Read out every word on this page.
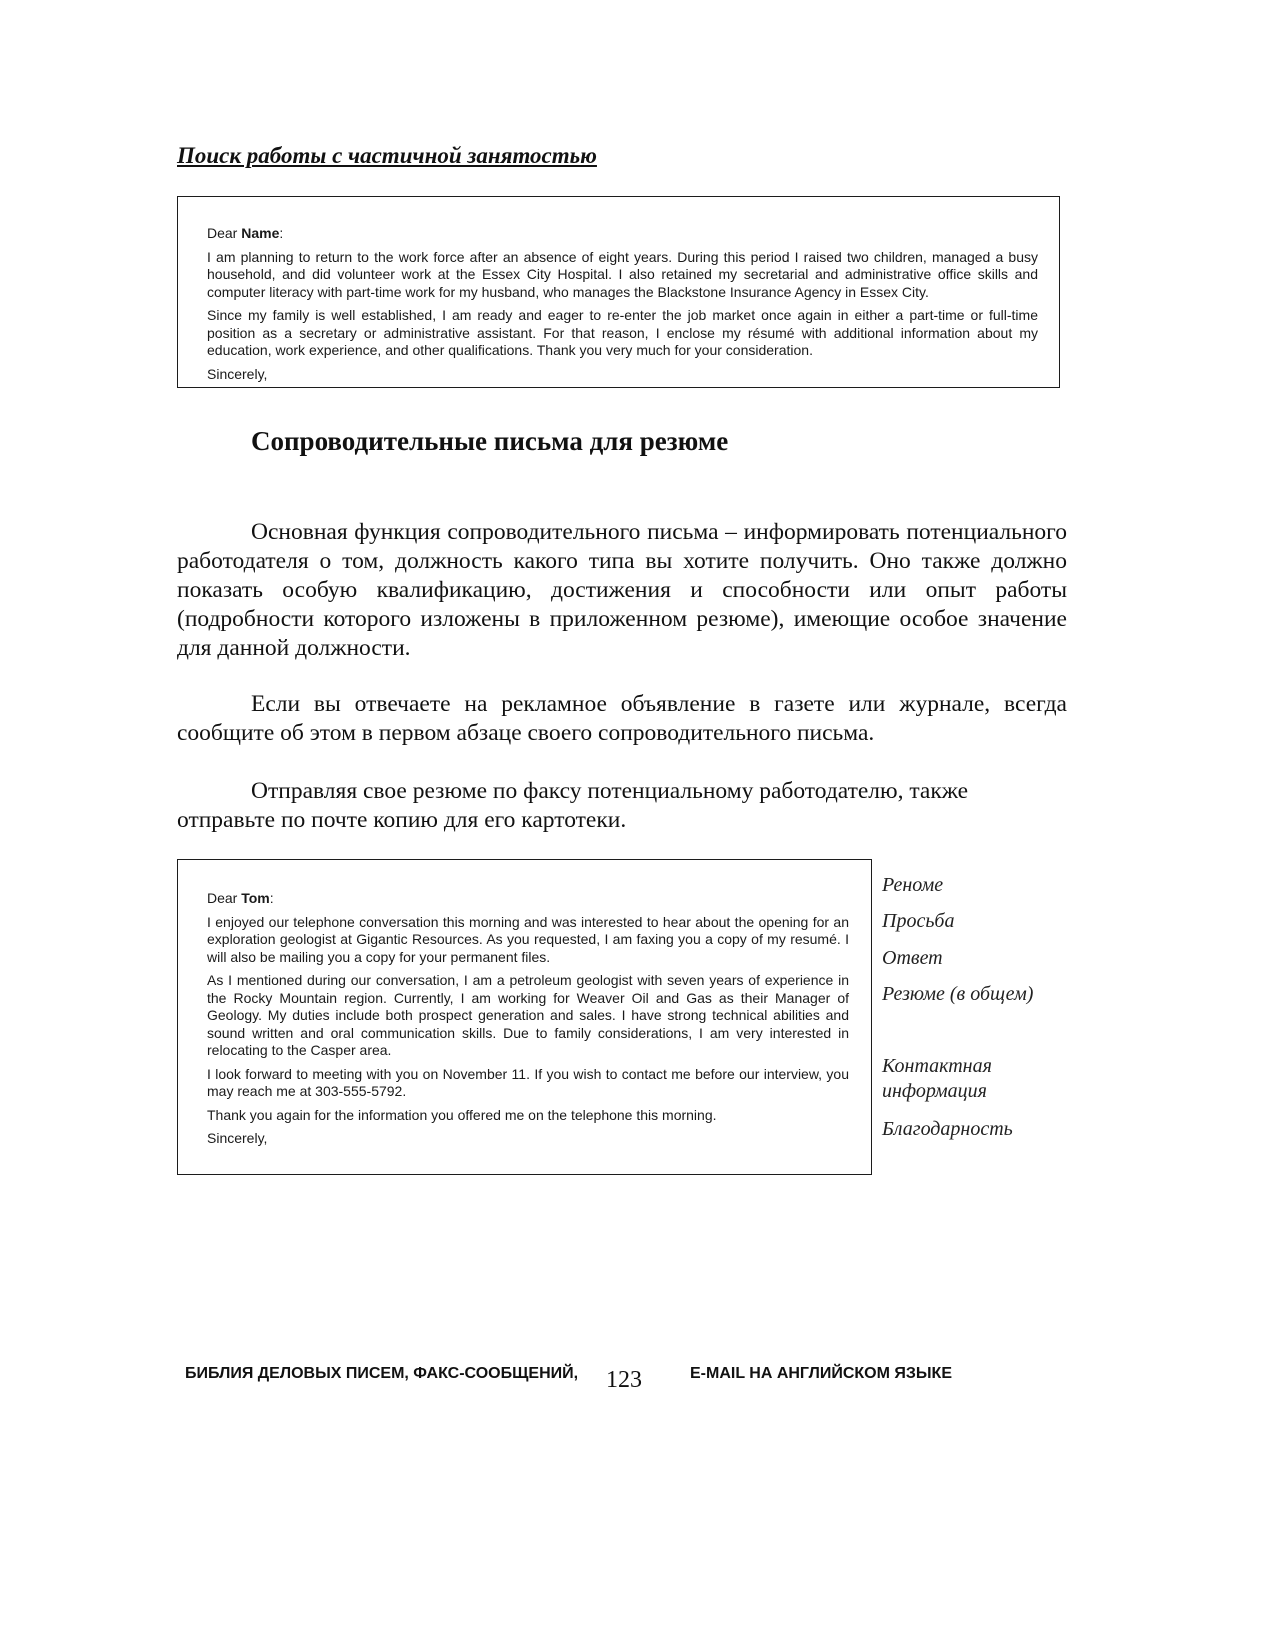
Поиск работы с частичной занятостью

Dear Name:

I am planning to return to the work force after an absence of eight years. During this period I raised two children, managed a busy household, and did volunteer work at the Essex City Hospital. I also retained my secretarial and administrative office skills and computer literacy with part-time work for my husband, who manages the Blackstone Insurance Agency in Essex City.

Since my family is well established, I am ready and eager to re-enter the job market once again in either a part-time or full-time position as a secretary or administrative assistant. For that reason, I enclose my résumé with additional information about my education, work experience, and other qualifications. Thank you very much for your consideration.

Sincerely,

Сопроводительные письма для резюме

Основная функция сопроводительного письма – информировать потенциального работодателя о том, должность какого типа вы хотите получить. Оно также должно показать особую квалификацию, достижения и способности или опыт работы (подробности которого изложены в приложенном резюме), имеющие особое значение для данной должности.

Если вы отвечаете на рекламное объявление в газете или журнале, всегда сообщите об этом в первом абзаце своего сопроводительного письма.

Отправляя свое резюме по факсу потенциальному работодателю, также отправьте по почте копию для его картотеки.

Dear Tom:

I enjoyed our telephone conversation this morning and was interested to hear about the opening for an exploration geologist at Gigantic Resources. As you requested, I am faxing you a copy of my resumé. I will also be mailing you a copy for your permanent files.

As I mentioned during our conversation, I am a petroleum geologist with seven years of experience in the Rocky Mountain region. Currently, I am working for Weaver Oil and Gas as their Manager of Geology. My duties include both prospect generation and sales. I have strong technical abilities and sound written and oral communication skills. Due to family considerations, I am very interested in relocating to the Casper area.

I look forward to meeting with you on November 11. If you wish to contact me before our interview, you may reach me at 303-555-5792.

Thank you again for the information you offered me on the telephone this morning.

Sincerely,

Реноме
Просьба
Ответ
Резюме (в общем)
Контактная
информация
Благодарность
БИБЛИЯ ДЕЛОВЫХ ПИСЕМ, ФАКС-СООБЩЕНИЙ, 123	E-MAIL НА АНГЛИЙСКОМ ЯЗЫКЕ
